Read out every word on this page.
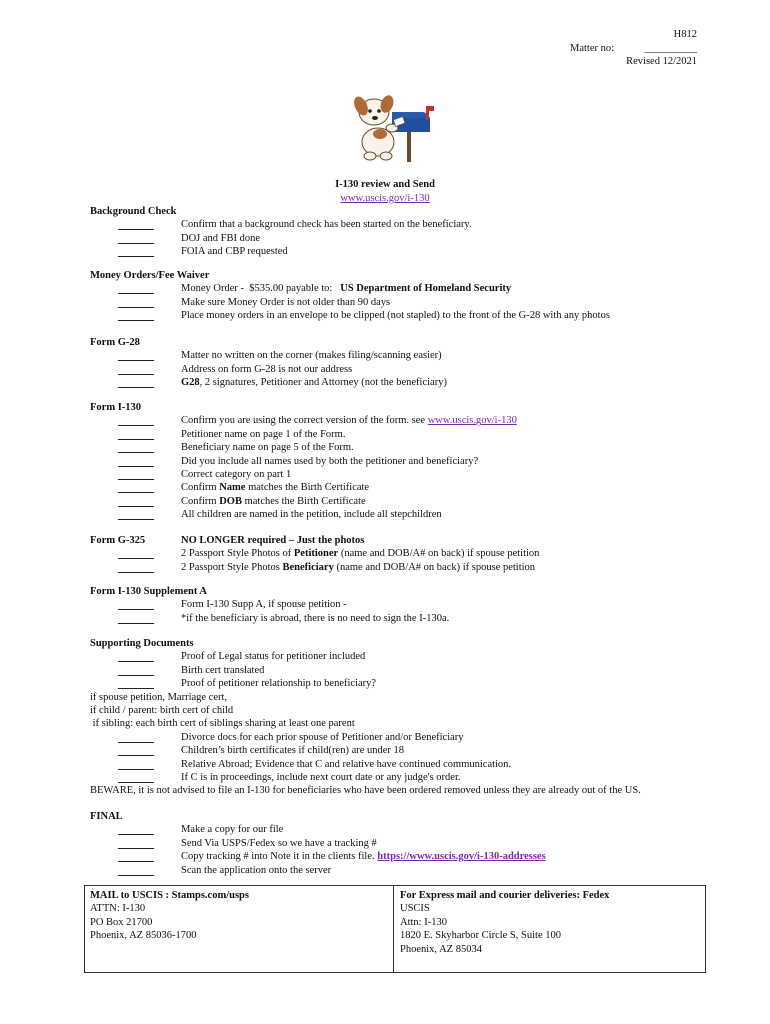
H812
Matter no:	__________
Revised 12/2021
I-130 review and Send
www.uscis.gov/i-130
Background Check
Confirm that a background check has been started on the beneficiary.
DOJ and FBI done
FOIA and CBP requested
Money Orders/Fee Waiver
Money Order -  $535.00 payable to:   US Department of Homeland Security
Make sure Money Order is not older than 90 days
Place money orders in an envelope to be clipped (not stapled) to the front of the G-28 with any photos
Form G-28
Matter no written on the corner (makes filing/scanning easier)
Address on form G-28 is not our address
G28, 2 signatures, Petitioner and Attorney (not the beneficiary)
Form I-130
Confirm you are using the correct version of the form. see www.uscis.gov/i-130
Petitioner name on page 1 of the Form.
Beneficiary name on page 5 of the Form.
Did you include all names used by both the petitioner and beneficiary?
Correct category on part 1
Confirm Name matches the Birth Certificate
Confirm DOB matches the Birth Certificate
All children are named in the petition, include all stepchildren
Form G-325	NO LONGER required – Just the photos
2 Passport Style Photos of Petitioner (name and DOB/A# on back) if spouse petition
2 Passport Style Photos Beneficiary (name and DOB/A# on back) if spouse petition
Form I-130 Supplement A
Form I-130 Supp A, if spouse petition -
*if the beneficiary is abroad, there is no need to sign the I-130a.
Supporting Documents
Proof of Legal status for petitioner included
Birth cert translated
Proof of petitioner relationship to beneficiary?
if spouse petition, Marriage cert,
if child / parent: birth cert of child
if sibling: each birth cert of siblings sharing at least one parent
Divorce docs for each prior spouse of Petitioner and/or Beneficiary
Children’s birth certificates if child(ren) are under 18
Relative Abroad; Evidence that C and relative have continued communication.
If C is in proceedings, include next court date or any judge's order.
BEWARE, it is not advised to file an I-130 for beneficiaries who have been ordered removed unless they are already out of the US.
FINAL
Make a copy for our file
Send Via USPS/Fedex so we have a tracking #
Copy tracking # into Note it in the clients file. https://www.uscis.gov/i-130-addresses
Scan the application onto the server
MAIL to USCIS : Stamps.com/usps
ATTN: I-130
PO Box 21700
Phoenix, AZ 85036-1700
For Express mail and courier deliveries: Fedex
USCIS
Attn: I-130
1820 E. Skyharbor Circle S, Suite 100
Phoenix, AZ 85034
